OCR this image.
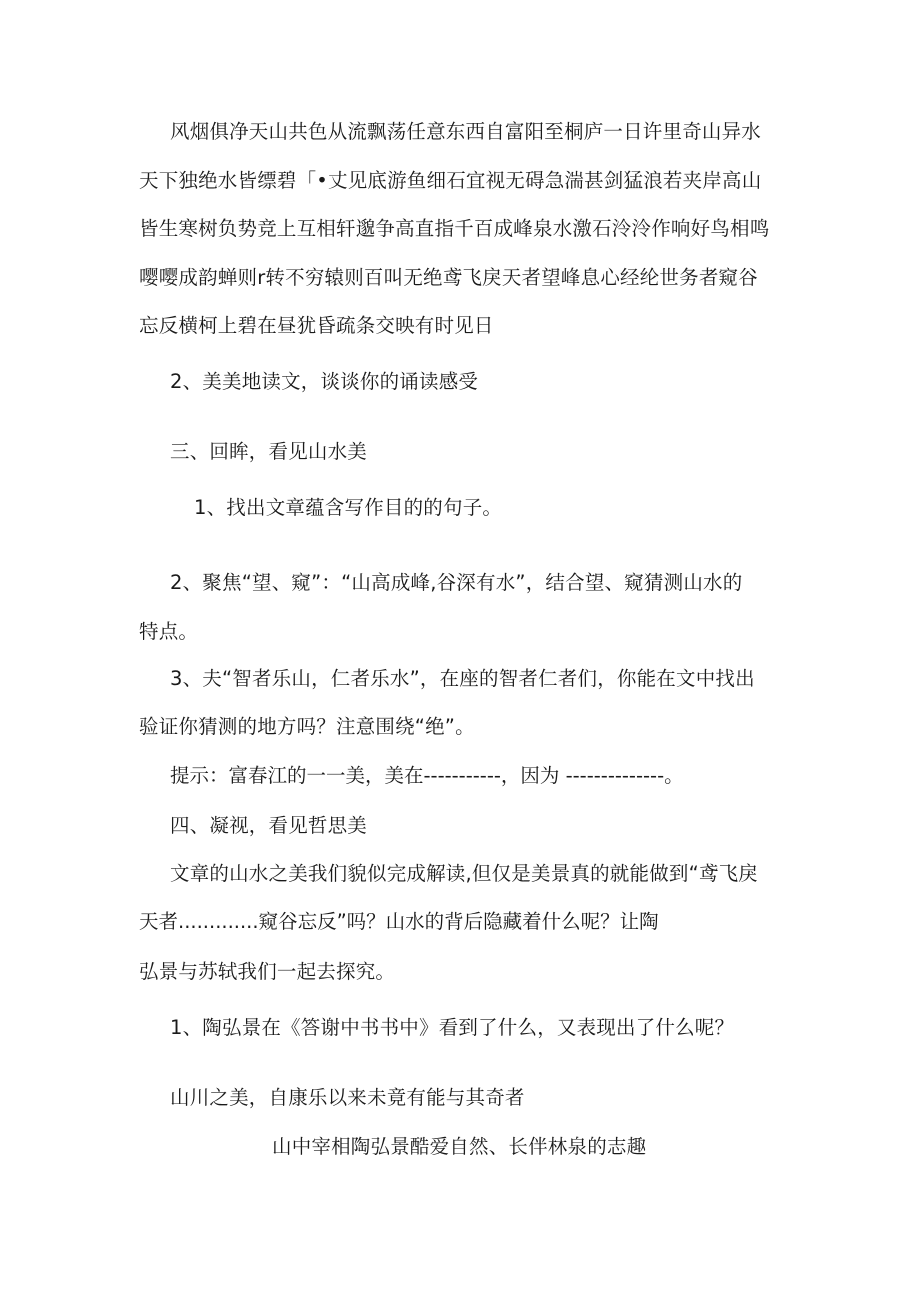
风烟俱净天山共色从流飘荡任意东西自富阳至桐庐一日许里奇山异水
天下独绝水皆缥碧「•丈见底游鱼细石宜视无碍急湍甚剑猛浪若夹岸高山
皆生寒树负势竞上互相轩邈争高直指千百成峰泉水激石泠泠作响好鸟相鸣
嘤嘤成韵蝉则r转不穷辕则百叫无绝鸢飞戾天者望峰息心经纶世务者窥谷
忘反横柯上碧在昼犹昏疏条交映有时见日
2、美美地读文，谈谈你的诵读感受
三、回眸，看见山水美
1、找出文章蕴含写作目的的句子。
2、聚焦“望、窥”：“山高成峰,谷深有水”，结合望、窥猜测山水的
特点。
3、夫“智者乐山，仁者乐水”，在座的智者仁者们，你能在文中找出
验证你猜测的地方吗？注意围绕“绝”。
提示：富春江的一一美，美在-----------，因为 --------------。
四、凝视，看见哲思美
文章的山水之美我们貌似完成解读,但仅是美景真的就能做到“鸢飞戾
天者.............窥谷忘反”吗？山水的背后隐藏着什么呢？让陶
弘景与苏轼我们一起去探究。
1、陶弘景在《答谢中书书中》看到了什么，又表现出了什么呢？
山川之美，自康乐以来未竟有能与其奇者
山中宰相陶弘景酷爱自然、长伴林泉的志趣
